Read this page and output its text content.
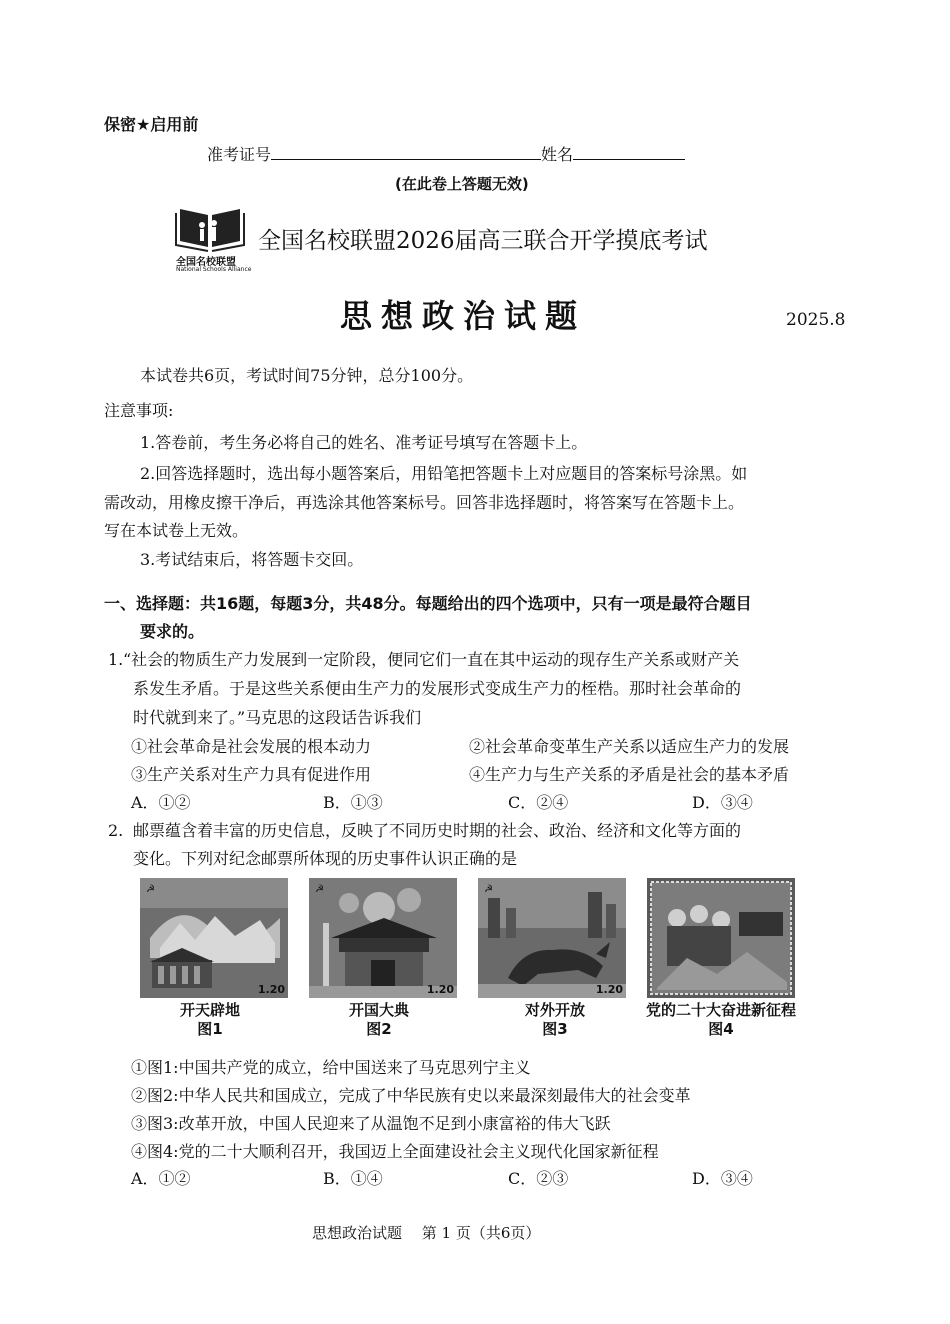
保密★启用前
准考证号	姓名
(在此卷上答题无效)
全国名校联盟
National Schools Alliance
全国名校联盟2026届高三联合开学摸底考试
思想政治试题	2025.8
本试卷共6页，考试时间75分钟，总分100分。
注意事项:
1.答卷前，考生务必将自己的姓名、准考证号填写在答题卡上。
2.回答选择题时，选出每小题答案后，用铅笔把答题卡上对应题目的答案标号涂黑。如
需改动，用橡皮擦干净后，再选涂其他答案标号。回答非选择题时，将答案写在答题卡上。
写在本试卷上无效。
3.考试结束后，将答题卡交回。
一、选择题：共16题，每题3分，共48分。每题给出的四个选项中，只有一项是最符合题目
要求的。
1. “社会的物质生产力发展到一定阶段，便同它们一直在其中运动的现存生产关系或财产关
系发生矛盾。于是这些关系便由生产力的发展形式变成生产力的桎梏。那时社会革命的
时代就到来了。”马克思的这段话告诉我们
①社会革命是社会发展的根本动力	②社会革命变革生产关系以适应生产力的发展
③生产关系对生产力具有促进作用	④生产力与生产关系的矛盾是社会的基本矛盾
A．①②	B．①③	C．②④	D．③④
2. 邮票蕴含着丰富的历史信息，反映了不同历史时期的社会、政治、经济和文化等方面的
变化。下列对纪念邮票所体现的历史事件认识正确的是
☭
1.20
☭
1.20
☭
1.20
开天辟地
图1
开国大典
图2
对外开放
图3
党的二十大奋进新征程
图4
①图1:中国共产党的成立，给中国送来了马克思列宁主义
②图2:中华人民共和国成立，完成了中华民族有史以来最深刻最伟大的社会变革
③图3:改革开放，中国人民迎来了从温饱不足到小康富裕的伟大飞跃
④图4:党的二十大顺利召开，我国迈上全面建设社会主义现代化国家新征程
A．①②	B．①④	C．②③	D．③④
思想政治试题　 第 1 页（共6页）
